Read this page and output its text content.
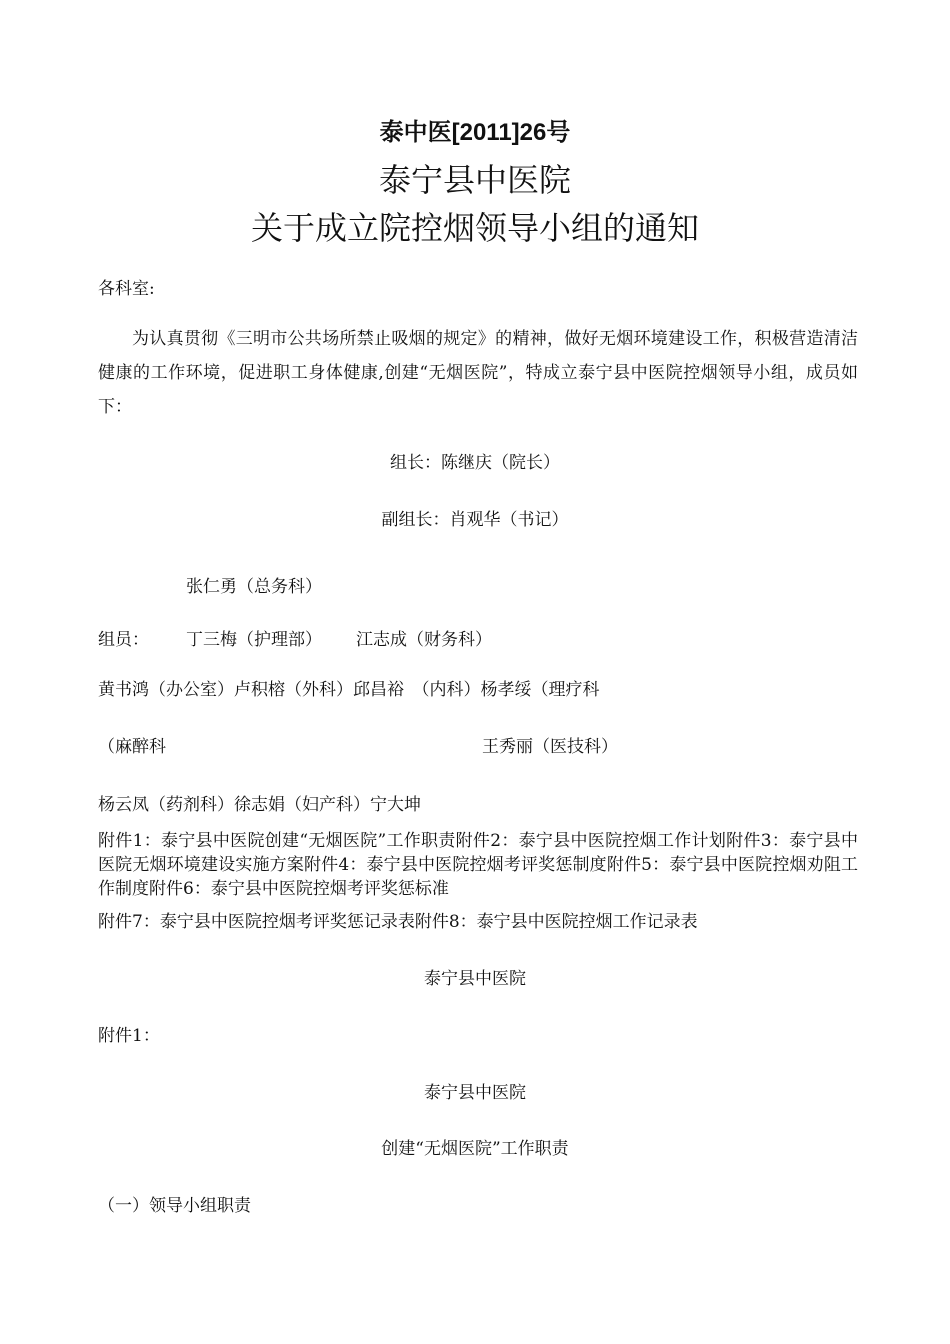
泰中医[2011]26号
泰宁县中医院
关于成立院控烟领导小组的通知
各科室:
为认真贯彻《三明市公共场所禁止吸烟的规定》的精神，做好无烟环境建设工作，积极营造清洁健康的工作环境，促进职工身体健康,创建“无烟医院”，特成立泰宁县中医院控烟领导小组，成员如下：
组长：陈继庆（院长）
副组长：肖观华（书记）
张仁勇（总务科）
组员： 丁三梅（护理部） 江志成（财务科）
黄书鸿（办公室）卢积榕（外科）邱昌裕　（内科）杨孝绥（理疗科
（麻醉科	王秀丽（医技科）
杨云凤（药剂科）徐志娟（妇产科）宁大坤
附件1：泰宁县中医院创建“无烟医院”工作职责附件2：泰宁县中医院控烟工作计划附件3：泰宁县中医院无烟环境建设实施方案附件4：泰宁县中医院控烟考评奖惩制度附件5：泰宁县中医院控烟劝阻工作制度附件6：泰宁县中医院控烟考评奖惩标准
附件7：泰宁县中医院控烟考评奖惩记录表附件8：泰宁县中医院控烟工作记录表
泰宁县中医院
附件1：
泰宁县中医院
创建“无烟医院”工作职责
（一）领导小组职责
